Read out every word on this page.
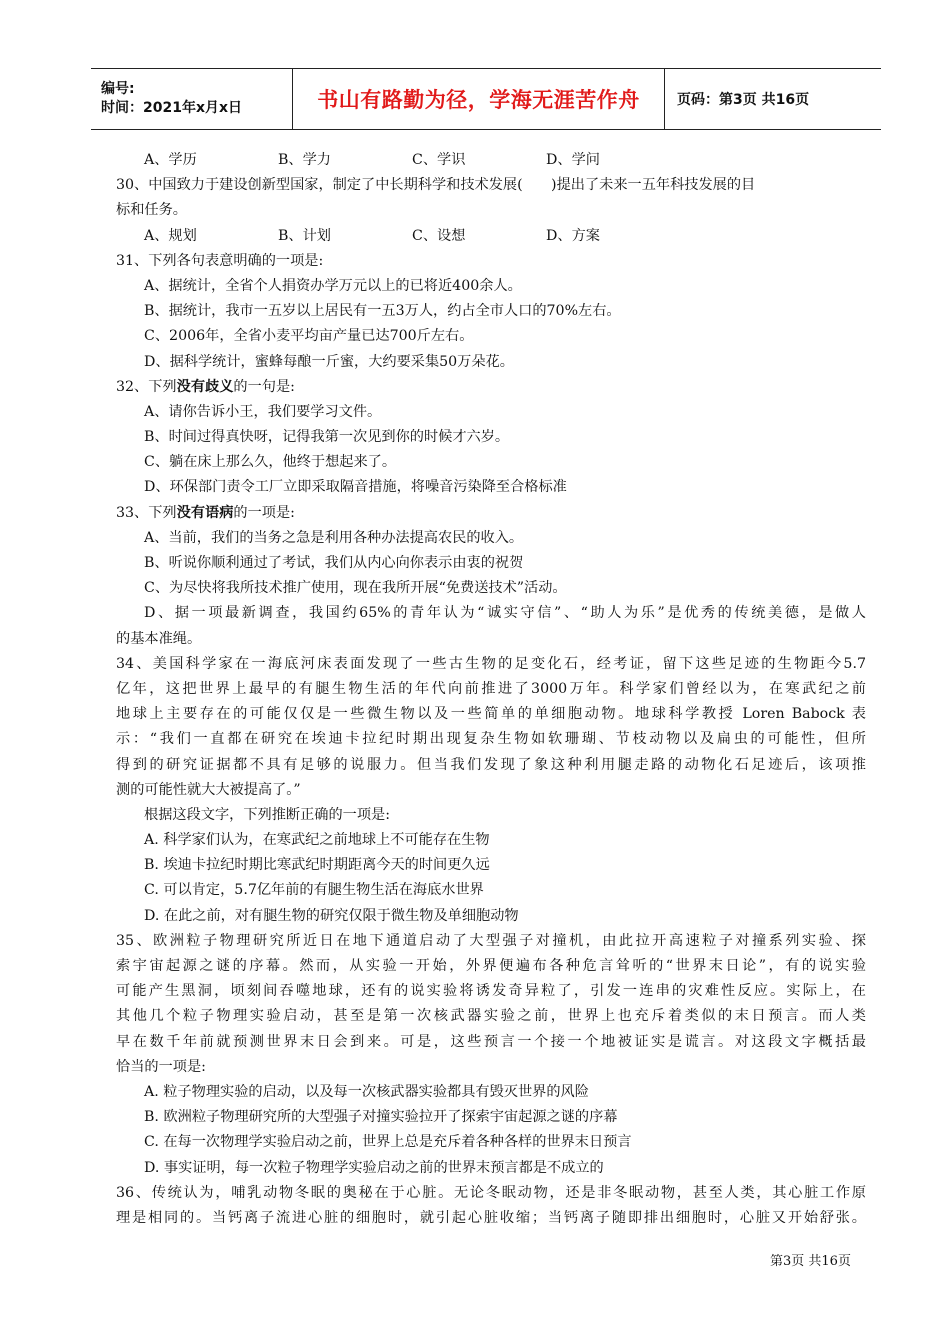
编号:
时间：2021年x月x日	书山有路勤为径，学海无涯苦作舟	页码：第3页 共16页
A、学历	B、学力	C、学识	D、学问
30、中国致力于建设创新型国家，制定了中长期科学和技术发展(　　)提出了未来一五年科技发展的目
标和任务。
A、规划	B、计划	C、设想	D、方案
31、下列各句表意明确的一项是:
A、据统计，全省个人捐资办学万元以上的已将近400余人。
B、据统计，我市一五岁以上居民有一五3万人，约占全市人口的70%左右。
C、2006年，全省小麦平均亩产量已达700斤左右。
D、据科学统计，蜜蜂每酿一斤蜜，大约要采集50万朵花。
32、下列没有歧义的一句是:
A、请你告诉小王，我们要学习文件。
B、时间过得真快呀，记得我第一次见到你的时候才六岁。
C、躺在床上那么久，他终于想起来了。
D、环保部门责令工厂立即采取隔音措施，将噪音污染降至合格标准
33、下列没有语病的一项是:
A、当前，我们的当务之急是利用各种办法提高农民的收入。
B、听说你顺利通过了考试，我们从内心向你表示由衷的祝贺
C、为尽快将我所技术推广使用，现在我所开展“免费送技术”活动。
D、据一项最新调查，我国约65%的青年认为“诚实守信”、“助人为乐”是优秀的传统美德，是做人
的基本准绳。
34、美国科学家在一海底河床表面发现了一些古生物的足变化石，经考证，留下这些足迹的生物距今5.7
亿年，这把世界上最早的有腿生物生活的年代向前推进了3000万年。科学家们曾经以为，在寒武纪之前
地球上主要存在的可能仅仅是一些微生物以及一些简单的单细胞动物。地球科学教授 Loren Babock 表
示：“我们一直都在研究在埃迪卡拉纪时期出现复杂生物如软珊瑚、节枝动物以及扁虫的可能性，但所
得到的研究证据都不具有足够的说服力。但当我们发现了象这种利用腿走路的动物化石足迹后，该项推
测的可能性就大大被提高了。”
根据这段文字，下列推断正确的一项是:
A. 科学家们认为，在寒武纪之前地球上不可能存在生物
B. 埃迪卡拉纪时期比寒武纪时期距离今天的时间更久远
C. 可以肯定，5.7亿年前的有腿生物生活在海底水世界
D. 在此之前，对有腿生物的研究仅限于微生物及单细胞动物
35、欧洲粒子物理研究所近日在地下通道启动了大型强子对撞机，由此拉开高速粒子对撞系列实验、探
索宇宙起源之谜的序幕。然而，从实验一开始，外界便遍布各种危言耸听的“世界末日论”，有的说实验
可能产生黑洞，顷刻间吞噬地球，还有的说实验将诱发奇异粒了，引发一连串的灾难性反应。实际上，在
其他几个粒子物理实验启动，甚至是第一次核武器实验之前，世界上也充斥着类似的末日预言。而人类
早在数千年前就预测世界末日会到来。可是，这些预言一个接一个地被证实是谎言。对这段文字概括最
恰当的一项是:
A. 粒子物理实验的启动，以及每一次核武器实验都具有毁灭世界的风险
B. 欧洲粒子物理研究所的大型强子对撞实验拉开了探索宇宙起源之谜的序幕
C. 在每一次物理学实验启动之前，世界上总是充斥着各种各样的世界末日预言
D. 事实证明，每一次粒子物理学实验启动之前的世界末预言都是不成立的
36、传统认为，哺乳动物冬眠的奥秘在于心脏。无论冬眠动物，还是非冬眠动物，甚至人类，其心脏工作原
理是相同的。当钙离子流进心脏的细胞时，就引起心脏收缩；当钙离子随即排出细胞时，心脏又开始舒张。
第3页 共16页
